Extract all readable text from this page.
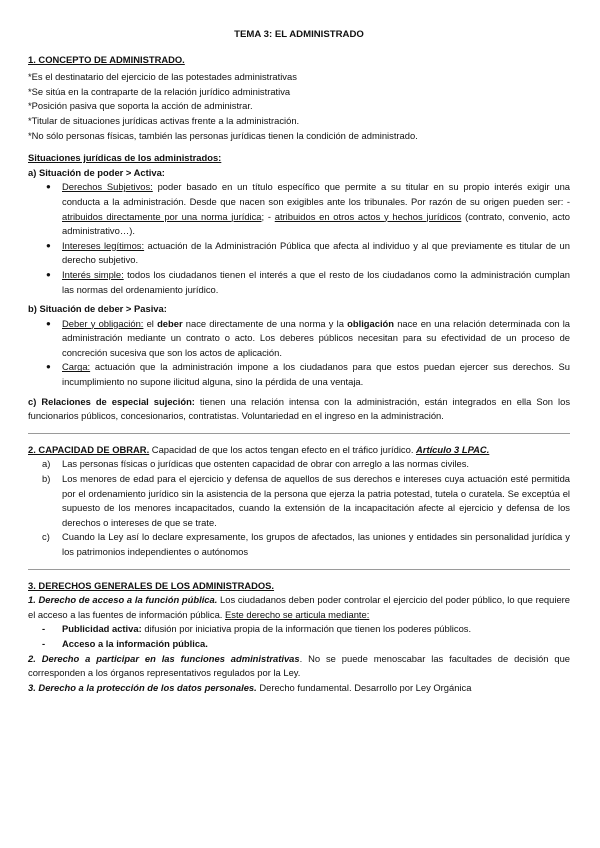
TEMA 3: EL ADMINISTRADO
1. CONCEPTO DE ADMINISTRADO.
*Es el destinatario del ejercicio de las potestades administrativas
*Se sitúa en la contraparte de la relación jurídico administrativa
*Posición pasiva que soporta la acción de administrar.
*Titular de situaciones jurídicas activas frente a la administración.
*No sólo personas físicas, también las personas jurídicas tienen la condición de administrado.
Situaciones jurídicas de los administrados:
a) Situación de poder > Activa:
● Derechos Subjetivos: poder basado en un título específico que permite a su titular en su propio interés exigir una conducta a la administración. Desde que nacen son exigibles ante los tribunales. Por razón de su origen pueden ser: - atribuidos directamente por una norma jurídica; - atribuidos en otros actos y hechos jurídicos (contrato, convenio, acto administrativo…).
● Intereses legítimos: actuación de la Administración Pública que afecta al individuo y al que previamente es titular de un derecho subjetivo.
● Interés simple: todos los ciudadanos tienen el interés a que el resto de los ciudadanos como la administración cumplan las normas del ordenamiento jurídico.
b) Situación de deber > Pasiva:
● Deber y obligación: el deber nace directamente de una norma y la obligación nace en una relación determinada con la administración mediante un contrato o acto. Los deberes públicos necesitan para su efectividad de un proceso de concreción sucesiva que son los actos de aplicación.
● Carga: actuación que la administración impone a los ciudadanos para que estos puedan ejercer sus derechos. Su incumplimiento no supone ilicitud alguna, sino la pérdida de una ventaja.
c) Relaciones de especial sujeción: tienen una relación intensa con la administración, están integrados en ella Son los funcionarios públicos, concesionarios, contratistas. Voluntariedad en el ingreso en la administración.
2. CAPACIDAD DE OBRAR. Capacidad de que los actos tengan efecto en el tráfico jurídico. Artículo 3 LPAC.
a) Las personas físicas o jurídicas que ostenten capacidad de obrar con arreglo a las normas civiles.
b) Los menores de edad para el ejercicio y defensa de aquellos de sus derechos e intereses cuya actuación esté permitida por el ordenamiento jurídico sin la asistencia de la persona que ejerza la patria potestad, tutela o curatela. Se exceptúa el supuesto de los menores incapacitados, cuando la extensión de la incapacitación afecte al ejercicio y defensa de los derechos o intereses de que se trate.
c) Cuando la Ley así lo declare expresamente, los grupos de afectados, las uniones y entidades sin personalidad jurídica y los patrimonios independientes o autónomos
3. DERECHOS GENERALES DE LOS ADMINISTRADOS.
1. Derecho de acceso a la función pública. Los ciudadanos deben poder controlar el ejercicio del poder público, lo que requiere el acceso a las fuentes de información pública. Este derecho se articula mediante:
- Publicidad activa: difusión por iniciativa propia de la información que tienen los poderes públicos.
- Acceso a la información pública.
2. Derecho a participar en las funciones administrativas. No se puede menoscabar las facultades de decisión que corresponden a los órganos representativos regulados por la Ley.
3. Derecho a la protección de los datos personales. Derecho fundamental. Desarrollo por Ley Orgánica
